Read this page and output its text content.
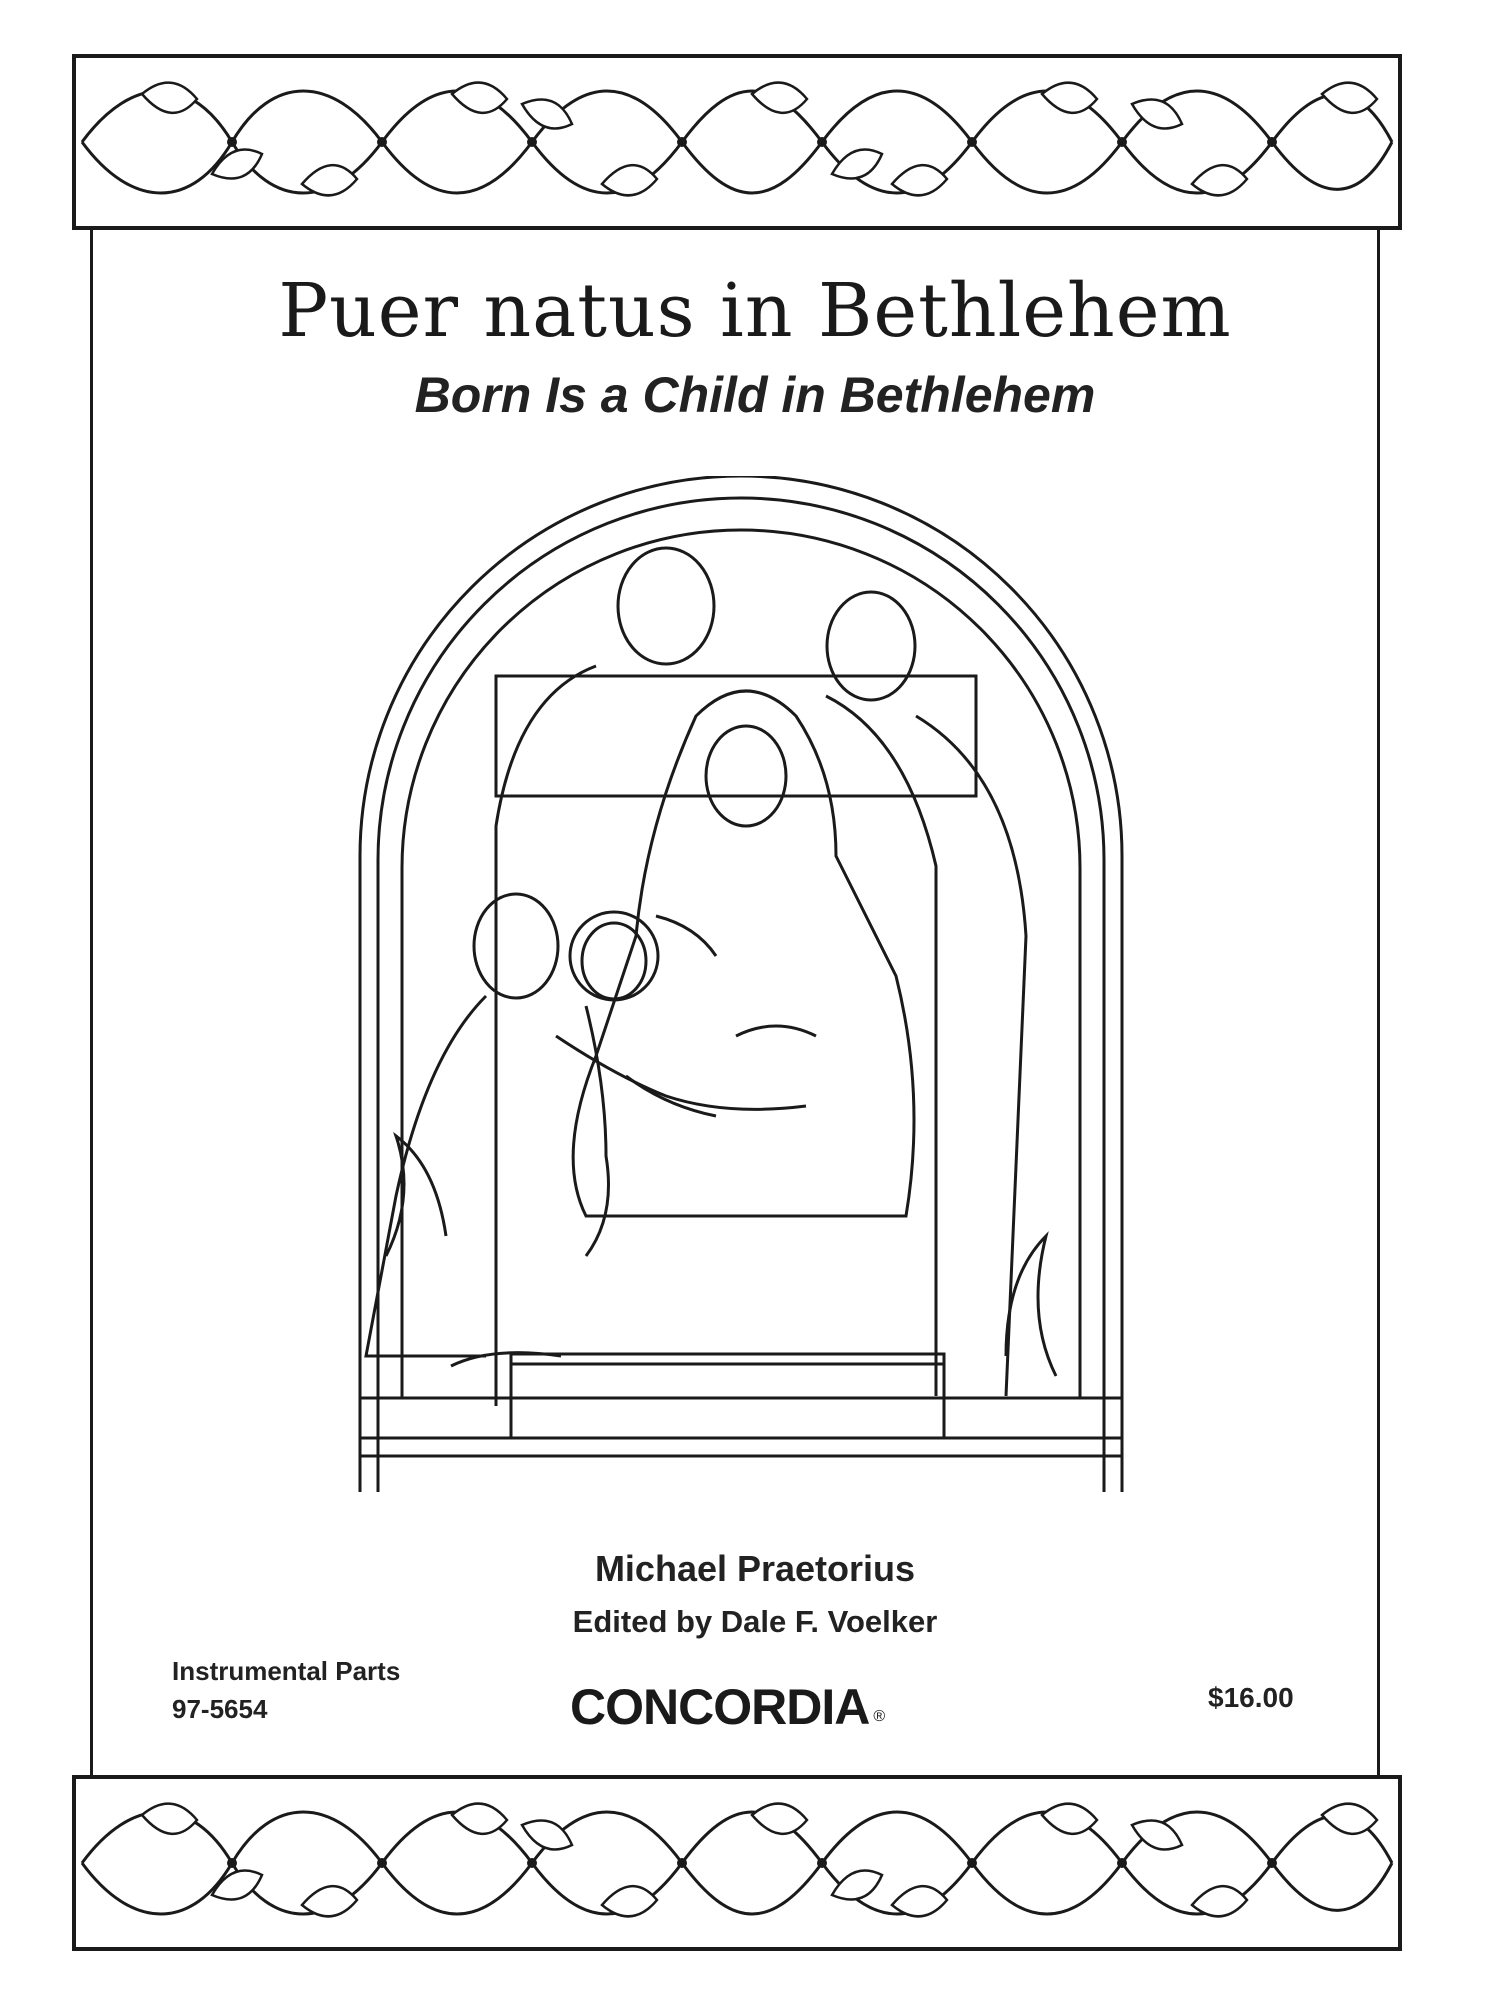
Puer natus in Bethlehem
Born Is a Child in Bethlehem
Michael Praetorius
Edited by Dale F. Voelker
Instrumental Parts
97-5654	CONCORDIA ®
$16.00
